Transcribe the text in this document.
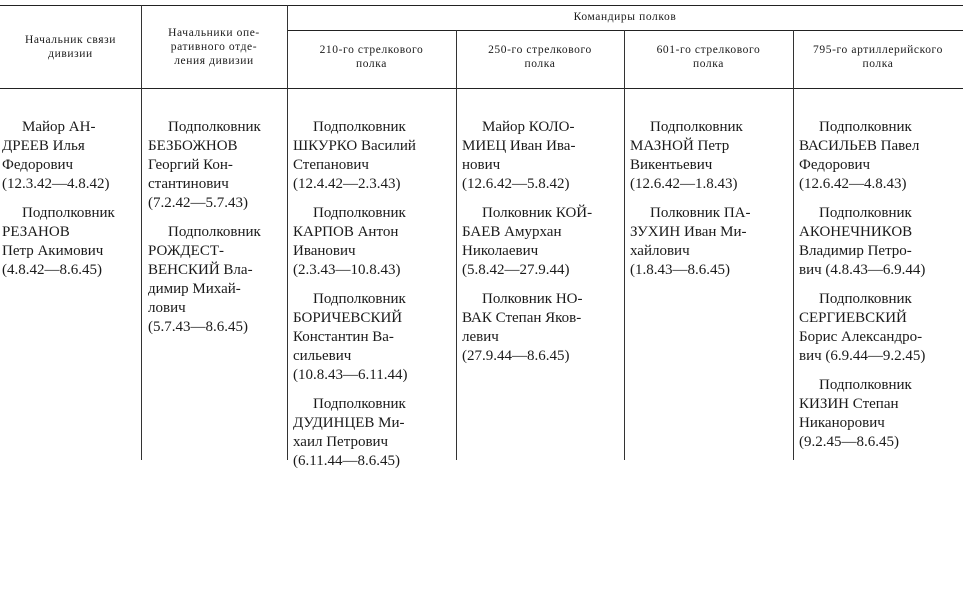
Командиры полков
Начальник связи
дивизии
Начальники опе-
ративного отде-
ления дивизии
210-го стрелкового
полка
250-го стрелкового
полка
601-го стрелкового
полка
795-го артиллерийского
полка
Майор АН-
ДРЕЕВ Илья
Федорович
(12.3.42—4.8.42)
Подполковник
РЕЗАНОВ
Петр Акимович
(4.8.42—8.6.45)
Подполковник
БЕЗБОЖНОВ
Георгий Кон-
стантинович
(7.2.42—5.7.43)
Подполковник
РОЖДЕСТ-
ВЕНСКИЙ Вла-
димир Михай-
лович
(5.7.43—8.6.45)
Подполковник
ШКУРКО Василий
Степанович
(12.4.42—2.3.43)
Подполковник
КАРПОВ Антон
Иванович
(2.3.43—10.8.43)
Подполковник
БОРИЧЕВСКИЙ
Константин Ва-
сильевич
(10.8.43—6.11.44)
Подполковник
ДУДИНЦЕВ Ми-
хаил Петрович
(6.11.44—8.6.45)
Майор КОЛО-
МИЕЦ Иван Ива-
нович
(12.6.42—5.8.42)
Полковник КОЙ-
БАЕВ Амурхан
Николаевич
(5.8.42—27.9.44)
Полковник НО-
ВАК Степан Яков-
левич
(27.9.44—8.6.45)
Подполковник
МАЗНОЙ Петр
Викентьевич
(12.6.42—1.8.43)
Полковник ПА-
ЗУХИН Иван Ми-
хайлович
(1.8.43—8.6.45)
Подполковник
ВАСИЛЬЕВ Павел
Федорович
(12.6.42—4.8.43)
Подполковник
АКОНЕЧНИКОВ
Владимир Петро-
вич (4.8.43—6.9.44)
Подполковник
СЕРГИЕВСКИЙ
Борис Александро-
вич (6.9.44—9.2.45)
Подполковник
КИЗИН Степан
Никанорович
(9.2.45—8.6.45)
